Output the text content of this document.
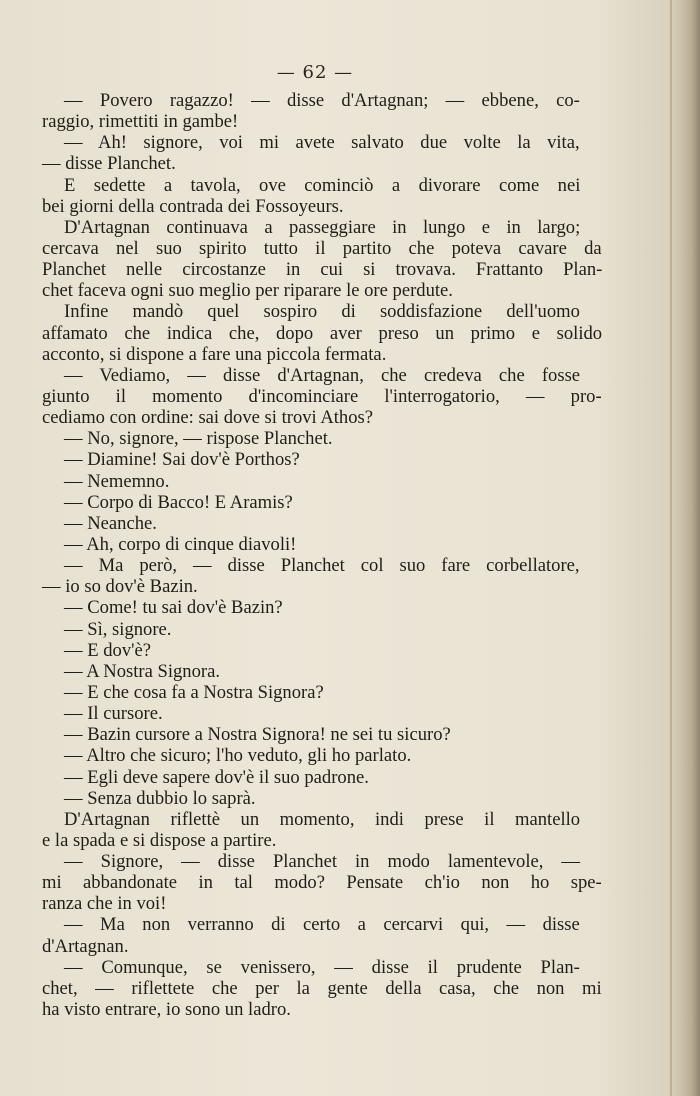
— 62 —
— Povero ragazzo! — disse d'Artagnan; — ebbene, co-
raggio, rimettiti in gambe!
— Ah! signore, voi mi avete salvato due volte la vita,
— disse Planchet.
E sedette a tavola, ove cominciò a divorare come nei
bei giorni della contrada dei Fossoyeurs.
D'Artagnan continuava a passeggiare in lungo e in largo;
cercava nel suo spirito tutto il partito che poteva cavare da
Planchet nelle circostanze in cui si trovava. Frattanto Plan-
chet faceva ogni suo meglio per riparare le ore perdute.
Infine mandò quel sospiro di soddisfazione dell'uomo
affamato che indica che, dopo aver preso un primo e solido
acconto, si dispone a fare una piccola fermata.
— Vediamo, — disse d'Artagnan, che credeva che fosse
giunto il momento d'incominciare l'interrogatorio, — pro-
cediamo con ordine: sai dove si trovi Athos?
— No, signore, — rispose Planchet.
— Diamine! Sai dov'è Porthos?
— Nememno.
— Corpo di Bacco! E Aramis?
— Neanche.
— Ah, corpo di cinque diavoli!
— Ma però, — disse Planchet col suo fare corbellatore,
— io so dov'è Bazin.
— Come! tu sai dov'è Bazin?
— Sì, signore.
— E dov'è?
— A Nostra Signora.
— E che cosa fa a Nostra Signora?
— Il cursore.
— Bazin cursore a Nostra Signora! ne sei tu sicuro?
— Altro che sicuro; l'ho veduto, gli ho parlato.
— Egli deve sapere dov'è il suo padrone.
— Senza dubbio lo saprà.
D'Artagnan riflettè un momento, indi prese il mantello
e la spada e si dispose a partire.
— Signore, — disse Planchet in modo lamentevole, —
mi abbandonate in tal modo? Pensate ch'io non ho spe-
ranza che in voi!
— Ma non verranno di certo a cercarvi qui, — disse
d'Artagnan.
— Comunque, se venissero, — disse il prudente Plan-
chet, — riflettete che per la gente della casa, che non mi
ha visto entrare, io sono un ladro.
